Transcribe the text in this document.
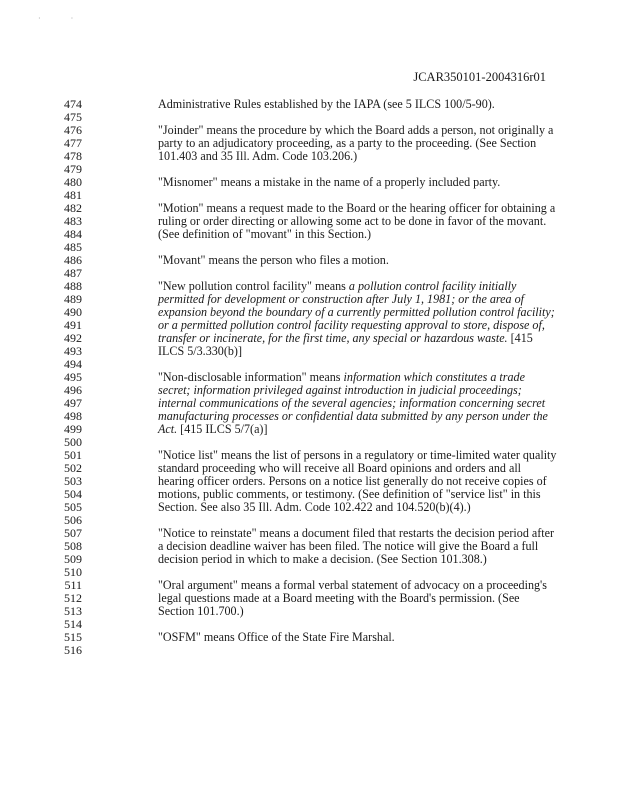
··
JCAR350101-2004316r01
474
475
476
477
478
479
480
481
482
483
484
485
486
487
488
489
490
491
492
493
494
495
496
497
498
499
500
501
502
503
504
505
506
507
508
509
510
511
512
513
514
515
516

Administrative Rules established by the IAPA (see 5 ILCS 100/5-90).

"Joinder" means the procedure by which the Board adds a person, not originally a party to an adjudicatory proceeding, as a party to the proceeding. (See Section 101.403 and 35 Ill. Adm. Code 103.206.)

"Misnomer" means a mistake in the name of a properly included party.

"Motion" means a request made to the Board or the hearing officer for obtaining a ruling or order directing or allowing some act to be done in favor of the movant. (See definition of "movant" in this Section.)

"Movant" means the person who files a motion.

"New pollution control facility" means a pollution control facility initially permitted for development or construction after July 1, 1981; or the area of expansion beyond the boundary of a currently permitted pollution control facility; or a permitted pollution control facility requesting approval to store, dispose of, transfer or incinerate, for the first time, any special or hazardous waste. [415 ILCS 5/3.330(b)]

"Non-disclosable information" means information which constitutes a trade secret; information privileged against introduction in judicial proceedings; internal communications of the several agencies; information concerning secret manufacturing processes or confidential data submitted by any person under the Act. [415 ILCS 5/7(a)]

"Notice list" means the list of persons in a regulatory or time-limited water quality standard proceeding who will receive all Board opinions and orders and all hearing officer orders. Persons on a notice list generally do not receive copies of motions, public comments, or testimony. (See definition of "service list" in this Section. See also 35 Ill. Adm. Code 102.422 and 104.520(b)(4).)

"Notice to reinstate" means a document filed that restarts the decision period after a decision deadline waiver has been filed. The notice will give the Board a full decision period in which to make a decision. (See Section 101.308.)

"Oral argument" means a formal verbal statement of advocacy on a proceeding's legal questions made at a Board meeting with the Board's permission. (See Section 101.700.)

"OSFM" means Office of the State Fire Marshal.
